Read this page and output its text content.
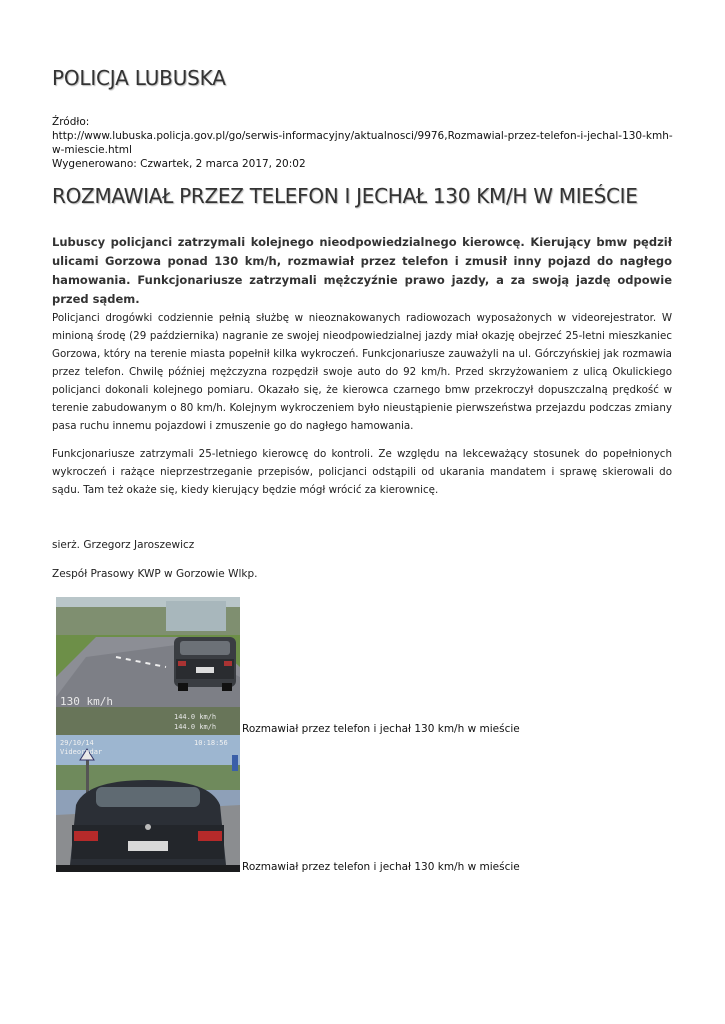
POLICJA LUBUSKA
Źródło:

http://www.lubuska.policja.gov.pl/go/serwis-informacyjny/aktualnosci/9976,Rozmawial-przez-telefon-i-jechal-130-kmh-w-miescie.html
Wygenerowano: Czwartek, 2 marca 2017, 20:02
ROZMAWIAŁ PRZEZ TELEFON I JECHAŁ 130 KM/H W MIEŚCIE

Lubuscy policjanci zatrzymali kolejnego nieodpowiedzialnego kierowcę. Kierujący bmw pędził ulicami Gorzowa ponad 130 km/h, rozmawiał przez telefon i zmusił inny pojazd do nagłego hamowania. Funkcjonariusze zatrzymali mężczyźnie prawo jazdy, a za swoją jazdę odpowie przed sądem.

Policjanci drogówki codziennie pełnią służbę w nieoznakowanych radiowozach wyposażonych w videorejestrator. W minioną środę (29 października) nagranie ze swojej nieodpowiedzialnej jazdy miał okazję obejrzeć 25-letni mieszkaniec Gorzowa, który na terenie miasta popełnił kilka wykroczeń. Funkcjonariusze zauważyli na ul. Górczyńskiej jak rozmawia przez telefon. Chwilę później mężczyzna rozpędził swoje auto do 92 km/h. Przed skrzyżowaniem z ulicą Okulickiego policjanci dokonali kolejnego pomiaru. Okazało się, że kierowca czarnego bmw przekroczył dopuszczalną prędkość w terenie zabudowanym o 80 km/h. Kolejnym wykroczeniem było nieustąpienie pierwszeństwa przejazdu podczas zmiany pasa ruchu innemu pojazdowi i zmuszenie go do nagłego hamowania.

Funkcjonariusze zatrzymali 25-letniego kierowcę do kontroli. Ze względu na lekceważący stosunek do popełnionych wykroczeń i rażące nieprzestrzeganie przepisów, policjanci odstąpili od ukarania mandatem i sprawę skierowali do sądu. Tam też okaże się, kiedy kierujący będzie mógł wrócić za kierownicę.

sierż. Grzegorz Jaroszewicz
Zespół Prasowy KWP w Gorzowie Wlkp.
130 km/h
144.0 km/h
144.0 km/h Rozmawiał przez telefon i jechał 130 km/h w mieście
29/10/14
Videoradar
10:18:56
Rozmawiał przez telefon i jechał 130 km/h w mieście
